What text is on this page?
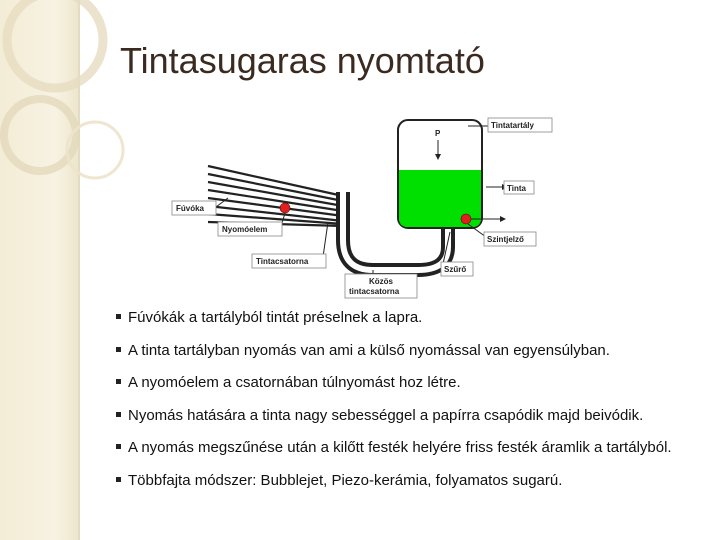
Tintasugaras nyomtató
P
Tintatartály
Tinta
Szintjelző
Szűrő
Közös
tintacsatorna
Tintacsatorna
Nyomóelem
Fúvóka
Fúvókák a tartályból tintát préselnek a lapra.
A tinta tartályban nyomás van ami a külső nyomással van egyensúlyban.
A nyomóelem a csatornában túlnyomást hoz létre.
Nyomás hatására a tinta nagy sebességgel a papírra csapódik majd beivódik.
A nyomás megszűnése után a kilőtt festék helyére friss festék áramlik a tartályból.
Többfajta módszer: Bubblejet, Piezo-kerámia, folyamatos sugarú.
